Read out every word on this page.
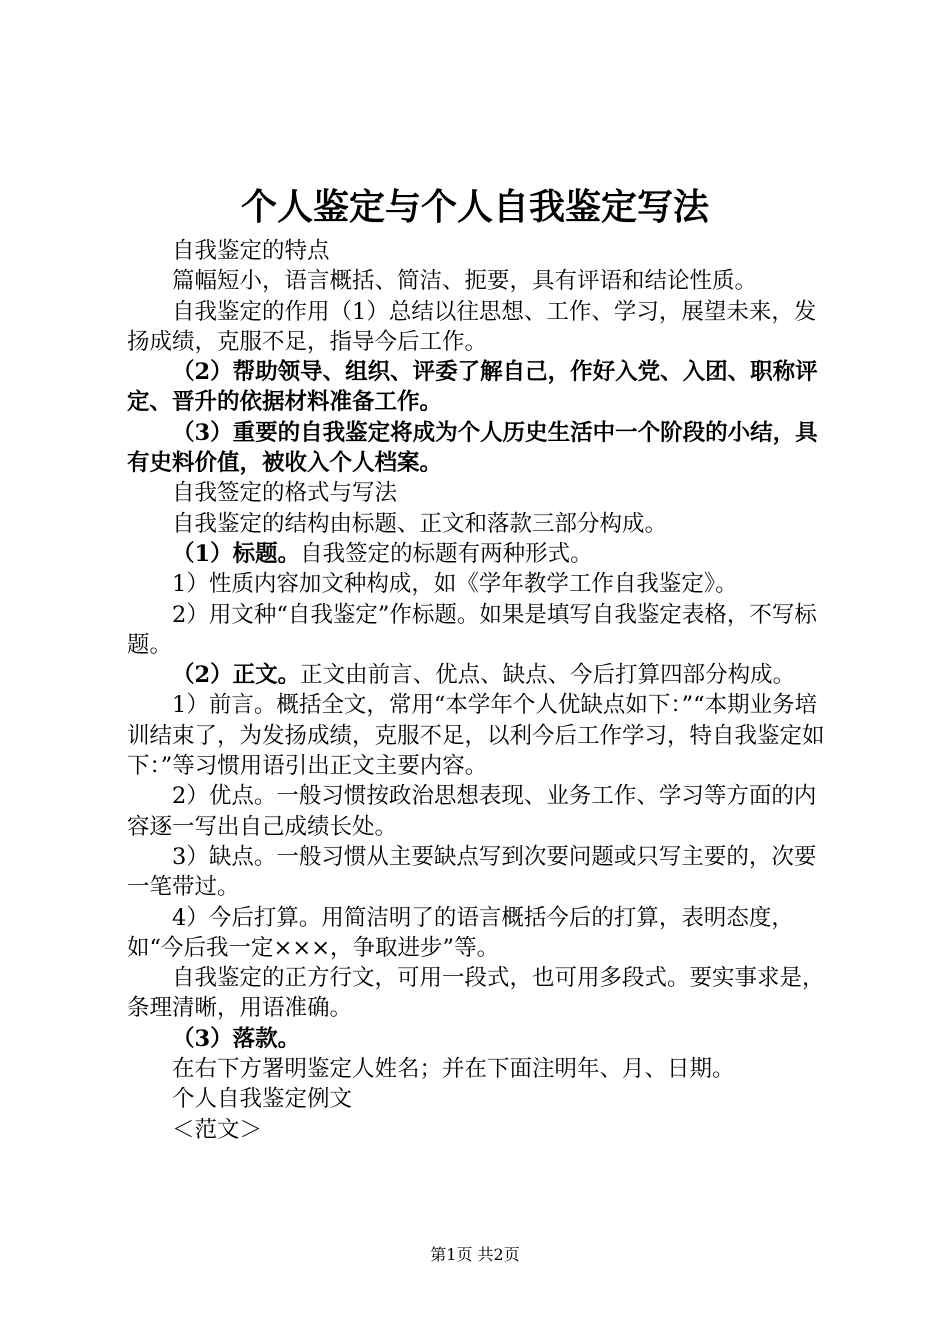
个人鉴定与个人自我鉴定写法

自我鉴定的特点

篇幅短小，语言概括、简洁、扼要，具有评语和结论性质。

自我鉴定的作用（1）总结以往思想、工作、学习，展望未来，发扬成绩，克服不足，指导今后工作。

（2）帮助领导、组织、评委了解自己，作好入党、入团、职称评定、晋升的依据材料准备工作。

（3）重要的自我鉴定将成为个人历史生活中一个阶段的小结，具有史料价值，被收入个人档案。

自我签定的格式与写法

自我鉴定的结构由标题、正文和落款三部分构成。

（1）标题。自我签定的标题有两种形式。

1）性质内容加文种构成，如《学年教学工作自我鉴定》。

2）用文种“自我鉴定”作标题。如果是填写自我鉴定表格，不写标题。

（2）正文。正文由前言、优点、缺点、今后打算四部分构成。

1）前言。概括全文，常用“本学年个人优缺点如下：”“本期业务培训结束了，为发扬成绩，克服不足，以利今后工作学习，特自我鉴定如下：”等习惯用语引出正文主要内容。

2）优点。一般习惯按政治思想表现、业务工作、学习等方面的内容逐一写出自己成绩长处。

3）缺点。一般习惯从主要缺点写到次要问题或只写主要的，次要一笔带过。

4）今后打算。用简洁明了的语言概括今后的打算，表明态度，如“今后我一定×××，争取进步”等。

自我鉴定的正方行文，可用一段式，也可用多段式。要实事求是，条理清晰，用语准确。

（3）落款。

在右下方署明鉴定人姓名；并在下面注明年、月、日期。

个人自我鉴定例文

＜范文＞

第1页 共2页
